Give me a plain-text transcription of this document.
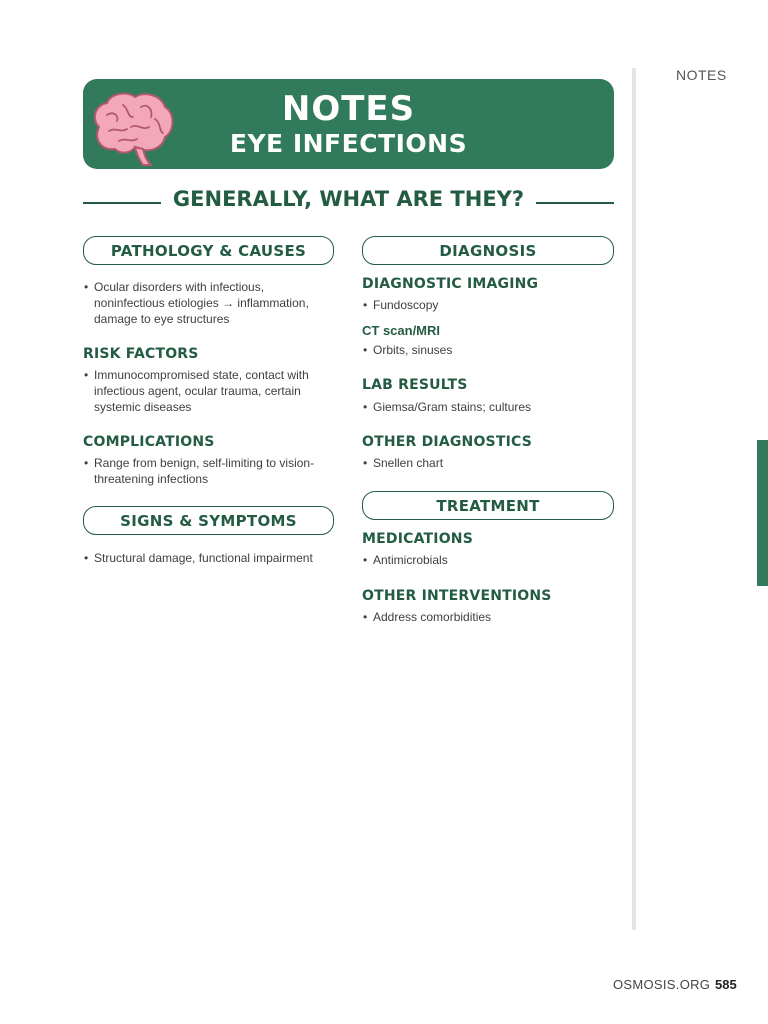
NOTES
NOTES
EYE INFECTIONS
GENERALLY, WHAT ARE THEY?
PATHOLOGY & CAUSES
• Ocular disorders with infectious, noninfectious etiologies → inflammation, damage to eye structures
RISK FACTORS
• Immunocompromised state, contact with infectious agent, ocular trauma, certain systemic diseases
COMPLICATIONS
• Range from benign, self-limiting to vision-threatening infections
SIGNS & SYMPTOMS
• Structural damage, functional impairment
DIAGNOSIS
DIAGNOSTIC IMAGING
• Fundoscopy
CT scan/MRI
• Orbits, sinuses
LAB RESULTS
• Giemsa/Gram stains; cultures
OTHER DIAGNOSTICS
• Snellen chart
TREATMENT
MEDICATIONS
• Antimicrobials
OTHER INTERVENTIONS
• Address comorbidities
OSMOSIS.ORG 585
